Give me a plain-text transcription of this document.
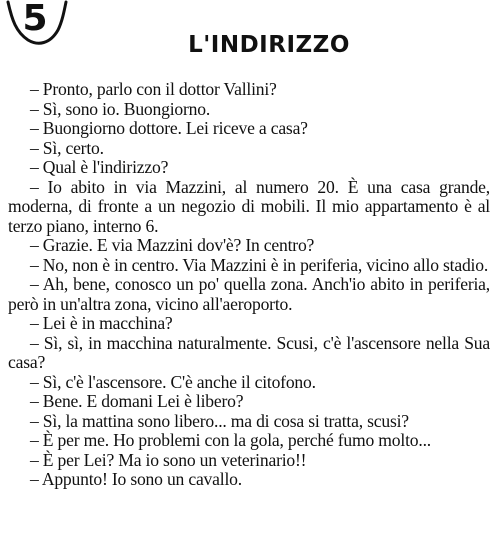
5
L'INDIRIZZO

– Pronto, parlo con il dottor Vallini?

– Sì, sono io. Buongiorno.

– Buongiorno dottore. Lei riceve a casa?

– Sì, certo.

– Qual è l'indirizzo?

– Io abito in via Mazzini, al numero 20. È una casa grande, moderna, di fronte a un negozio di mobili. Il mio appartamento è al terzo piano, interno 6.

– Grazie. E via Mazzini dov'è? In centro?

– No, non è in centro. Via Mazzini è in periferia, vicino allo stadio.

– Ah, bene, conosco un po' quella zona. Anch'io abito in periferia, però in un'altra zona, vicino all'aeroporto.

– Lei è in macchina?

– Sì, sì, in macchina naturalmente. Scusi, c'è l'ascensore nella Sua casa?

– Sì, c'è l'ascensore. C'è anche il citofono.

– Bene. E domani Lei è libero?

– Sì, la mattina sono libero... ma di cosa si tratta, scusi?

– È per me. Ho problemi con la gola, perché fumo molto...

– È per Lei? Ma io sono un veterinario!!

– Appunto! Io sono un cavallo.
